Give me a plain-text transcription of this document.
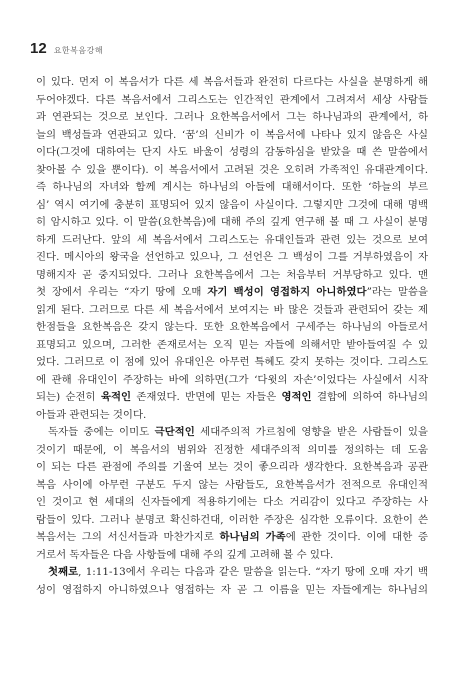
12 요한복음강해
이 있다. 먼저 이 복음서가 다른 세 복음서들과 완전히 다르다는 사실을 분명하게 해
두어야겠다. 다른 복음서에서 그리스도는 인간적인 관계에서 그려져서 세상 사람들
과 연관되는 것으로 보인다. 그러나 요한복음서에서 그는 하나님과의 관계에서, 하
늘의 백성들과 연관되고 있다. ‘꿈’의 신비가 이 복음서에 나타나 있지 않음은 사실
이다(그것에 대하여는 단지 사도 바울이 성령의 감동하심을 받았을 때 쓴 말씀에서
찾아볼 수 있을 뿐이다). 이 복음서에서 고려된 것은 오히려 가족적인 유대관계이다.
즉 하나님의 자녀와 함께 계시는 하나님의 아들에 대해서이다. 또한 ‘하늘의 부르
심’ 역시 여기에 충분히 표명되어 있지 않음이 사실이다. 그렇지만 그것에 대해 명백
히 암시하고 있다. 이 말씀(요한복음)에 대해 주의 깊게 연구해 볼 때 그 사실이 분명
하게 드러난다. 앞의 세 복음서에서 그리스도는 유대인들과 관련 있는 것으로 보여
진다. 메시아의 왕국을 선언하고 있으나, 그 선언은 그 백성이 그를 거부하였음이 자
명해지자 곧 중지되었다. 그러나 요한복음에서 그는 처음부터 거부당하고 있다. 맨
첫 장에서 우리는 “자기 땅에 오매 자기 백성이 영접하지 아니하였다”라는 말씀을
읽게 된다. 그러므로 다른 세 복음서에서 보여지는 바 많은 것들과 관련되어 갖는 제
한점들을 요한복음은 갖지 않는다. 또한 요한복음에서 구세주는 하나님의 아들로서
표명되고 있으며, 그러한 존재로서는 오직 믿는 자들에 의해서만 받아들여질 수 있
었다. 그러므로 이 점에 있어 유대인은 아무런 특혜도 갖지 못하는 것이다. 그리스도
에 관해 유대인이 주장하는 바에 의하면(그가 ‘다윗의 자손’이었다는 사실에서 시작
되는) 순전히 육적인 존재였다. 반면에 믿는 자들은 영적인 결합에 의하여 하나님의
아들과 관련되는 것이다.
독자들 중에는 이미도 극단적인 세대주의적 가르침에 영향을 받은 사람들이 있을
것이기 때문에, 이 복음서의 범위와 진정한 세대주의적 의미를 정의하는 데 도움
이 되는 다른 관점에 주의를 기울여 보는 것이 좋으리라 생각한다. 요한복음과 공관
복음 사이에 아무런 구분도 두지 않는 사람들도, 요한복음서가 전적으로 유대인적
인 것이고 현 세대의 신자들에게 적용하기에는 다소 거리감이 있다고 주장하는 사
람들이 있다. 그러나 분명코 확신하건대, 이러한 주장은 심각한 오류이다. 요한이 쓴
복음서는 그의 서신서들과 마찬가지로 하나님의 가족에 관한 것이다. 이에 대한 증
거로서 독자들은 다음 사항들에 대해 주의 깊게 고려해 볼 수 있다.
첫째로, 1:11-13에서 우리는 다음과 같은 말씀을 읽는다. “자기 땅에 오매 자기 백
성이 영접하지 아니하였으나 영접하는 자 곧 그 이름을 믿는 자들에게는 하나님의
